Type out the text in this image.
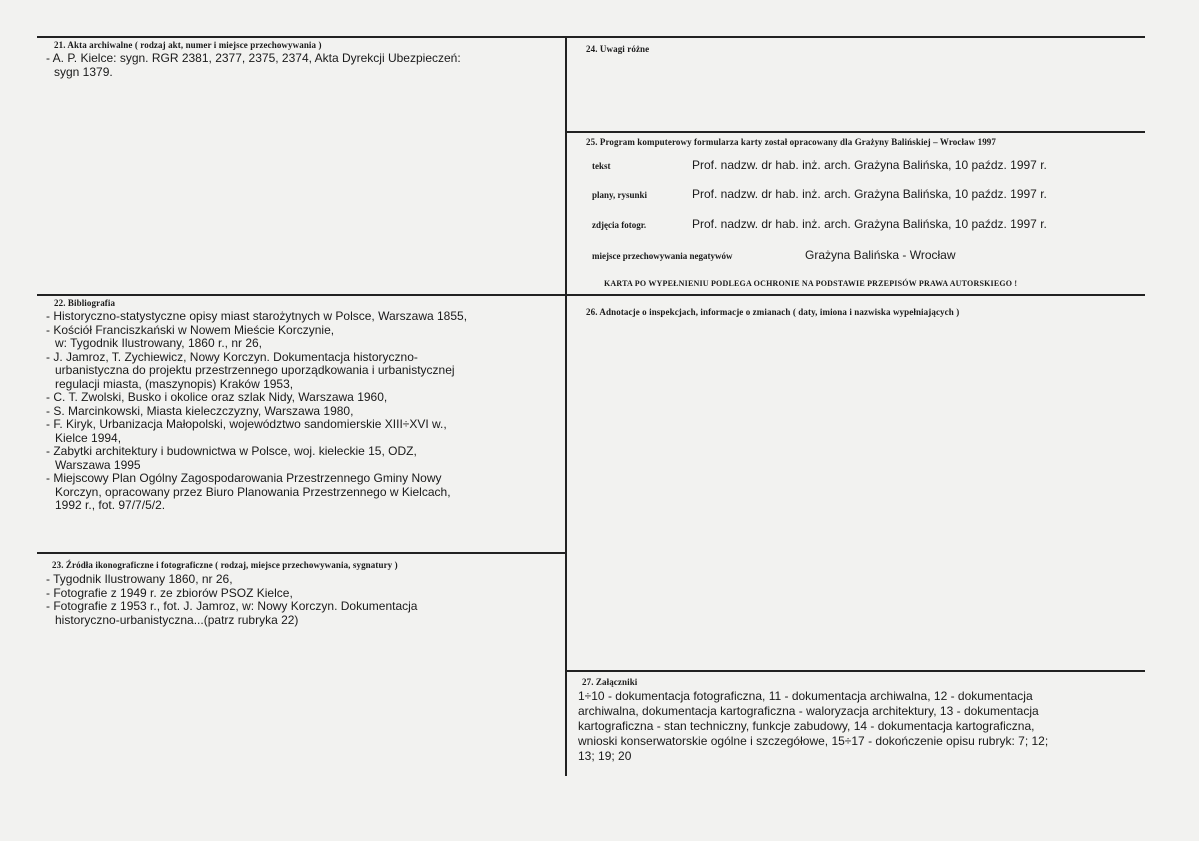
21. Akta archiwalne ( rodzaj akt, numer i miejsce przechowywania )
- A. P. Kielce: sygn. RGR 2381, 2377, 2375, 2374, Akta Dyrekcji Ubezpieczeń:
sygn 1379.
24. Uwagi różne
25. Program komputerowy formularza karty został opracowany dla Grażyny Balińskiej – Wrocław 1997
tekst	Prof. nadzw. dr hab. inż. arch. Grażyna Balińska, 10 paźdz. 1997 r.
plany, rysunki	Prof. nadzw. dr hab. inż. arch. Grażyna Balińska, 10 paźdz. 1997 r.
zdjęcia fotogr.	Prof. nadzw. dr hab. inż. arch. Grażyna Balińska, 10 paźdz. 1997 r.
miejsce przechowywania negatywów	Grażyna Balińska - Wrocław
KARTA PO WYPEŁNIENIU PODLEGA OCHRONIE NA PODSTAWIE PRZEPISÓW PRAWA AUTORSKIEGO !
22. Bibliografia
- Historyczno-statystyczne opisy miast starożytnych w Polsce, Warszawa 1855,
- Kościół Franciszkański w Nowem Mieście Korczynie,
w: Tygodnik Ilustrowany, 1860 r., nr 26,
- J. Jamroz, T. Zychiewicz, Nowy Korczyn. Dokumentacja historyczno-
urbanistyczna do projektu przestrzennego uporządkowania i urbanistycznej
regulacji miasta, (maszynopis) Kraków 1953,
- C. T. Zwolski, Busko i okolice oraz szlak Nidy, Warszawa 1960,
- S. Marcinkowski, Miasta kieleczczyzny, Warszawa 1980,
- F. Kiryk, Urbanizacja Małopolski, województwo sandomierskie XIII÷XVI w.,
Kielce 1994,
- Zabytki architektury i budownictwa w Polsce, woj. kieleckie 15, ODZ,
Warszawa 1995
- Miejscowy Plan Ogólny Zagospodarowania Przestrzennego Gminy Nowy
Korczyn, opracowany przez Biuro Planowania Przestrzennego w Kielcach,
1992 r., fot. 97/7/5/2.
26. Adnotacje o inspekcjach, informacje o zmianach ( daty, imiona i nazwiska wypełniających )
23. Źródła ikonograficzne i fotograficzne ( rodzaj, miejsce przechowywania, sygnatury )
- Tygodnik Ilustrowany 1860, nr 26,
- Fotografie z 1949 r. ze zbiorów PSOZ Kielce,
- Fotografie z 1953 r., fot. J. Jamroz, w: Nowy Korczyn. Dokumentacja
historyczno-urbanistyczna...(patrz rubryka 22)
27. Załączniki
1÷10 - dokumentacja fotograficzna, 11 - dokumentacja archiwalna, 12 - dokumentacja
archiwalna, dokumentacja kartograficzna - waloryzacja architektury, 13 - dokumentacja
kartograficzna - stan techniczny, funkcje zabudowy, 14 - dokumentacja kartograficzna,
wnioski konserwatorskie ogólne i szczegółowe, 15÷17 - dokończenie opisu rubryk: 7; 12;
13; 19; 20
